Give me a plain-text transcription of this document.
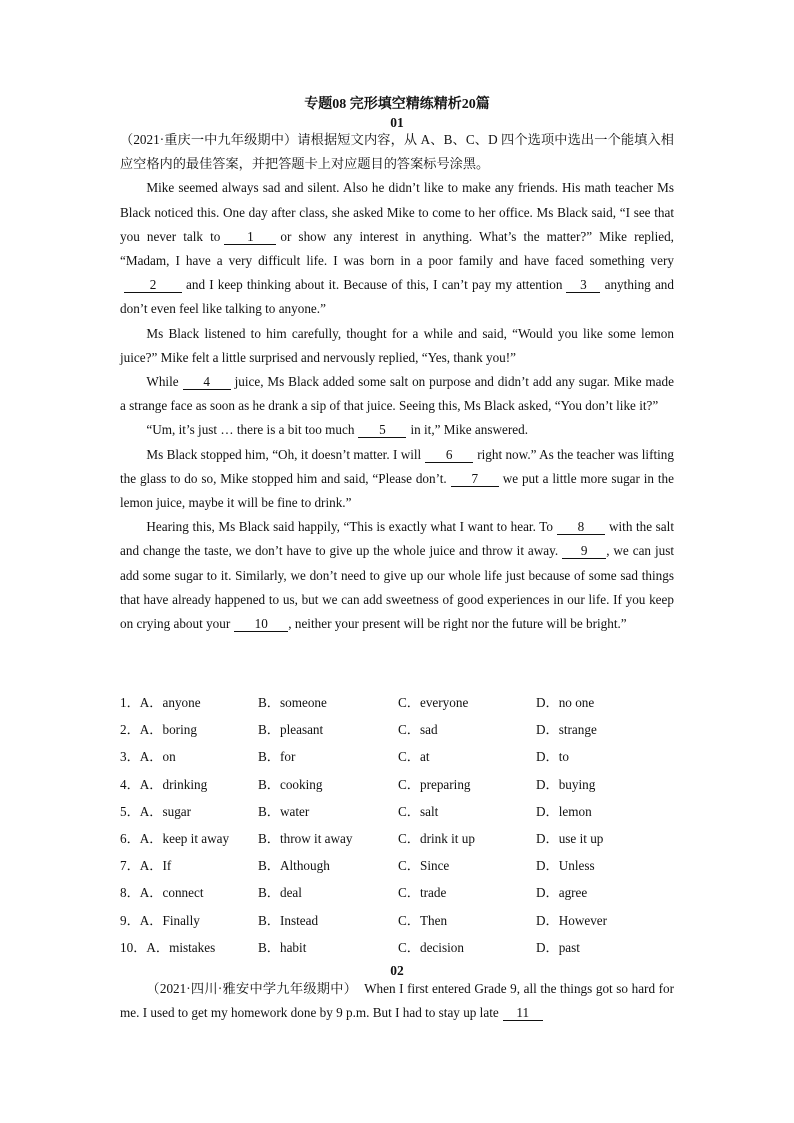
专题08 完形填空精练精析20篇
01

（2021·重庆一中九年级期中）请根据短文内容，从 A、B、C、D 四个选项中选出一个能填入相应空格内的最佳答案，并把答题卡上对应题目的答案标号涂黑。

Mike seemed always sad and silent. Also he didn’t like to make any friends. His math teacher Ms Black noticed this. One day after class, she asked Mike to come to her office. Ms Black said, “I see that you never talk to 1 or show any interest in anything. What’s the matter?” Mike replied, “Madam, I have a very difficult life. I was born in a poor family and have faced something very2 and I keep thinking about it. Because of this, I can’t pay my attention 3 anything and don’t even feel like talking to anyone.”

Ms Black listened to him carefully, thought for a while and said, “Would you like some lemon juice?” Mike felt a little surprised and nervously replied, “Yes, thank you!”

While 4 juice, Ms Black added some salt on purpose and didn’t add any sugar. Mike made a strange face as soon as he drank a sip of that juice. Seeing this, Ms Black asked, “You don’t like it?”

“Um, it’s just … there is a bit too much 5 in it,” Mike answered.

Ms Black stopped him, “Oh, it doesn’t matter. I will 6 right now.” As the teacher was lifting the glass to do so, Mike stopped him and said, “Please don’t. 7 we put a little more sugar in the lemon juice, maybe it will be fine to drink.”

Hearing this, Ms Black said happily, “This is exactly what I want to hear. To 8 with the salt and change the taste, we don’t have to give up the whole juice and throw it away. 9 , we can just add some sugar to it. Similarly, we don’t need to give up our whole life just because of some sad things that have already happened to us, but we can add sweetness of good experiences in our life. If you keep on crying about your 10 , neither your present will be right nor the future will be bright.”

1．A．anyone	B．someone	C．everyone	D．no one
2．A．boring	B．pleasant	C．sad	D．strange
3．A．on	B．for	C．at	D．to
4．A．drinking	B．cooking	C．preparing	D．buying
5．A．sugar	B．water	C．salt	D．lemon
6．A．keep it away B．throw it away	C．drink it up	D．use it up
7．A．If	B．Although	C．Since	D．Unless
8．A．connect	B．deal	C．trade	D．agree
9．A．Finally	B．Instead	C．Then	D．However
10．A．mistakes	B．habit	C．decision	D．past
02

（2021·四川·雅安中学九年级期中）　When I first entered Grade 9, all the things got so hard for me. I used to get my homework done by 9 p.m. But I had to stay up late 11
